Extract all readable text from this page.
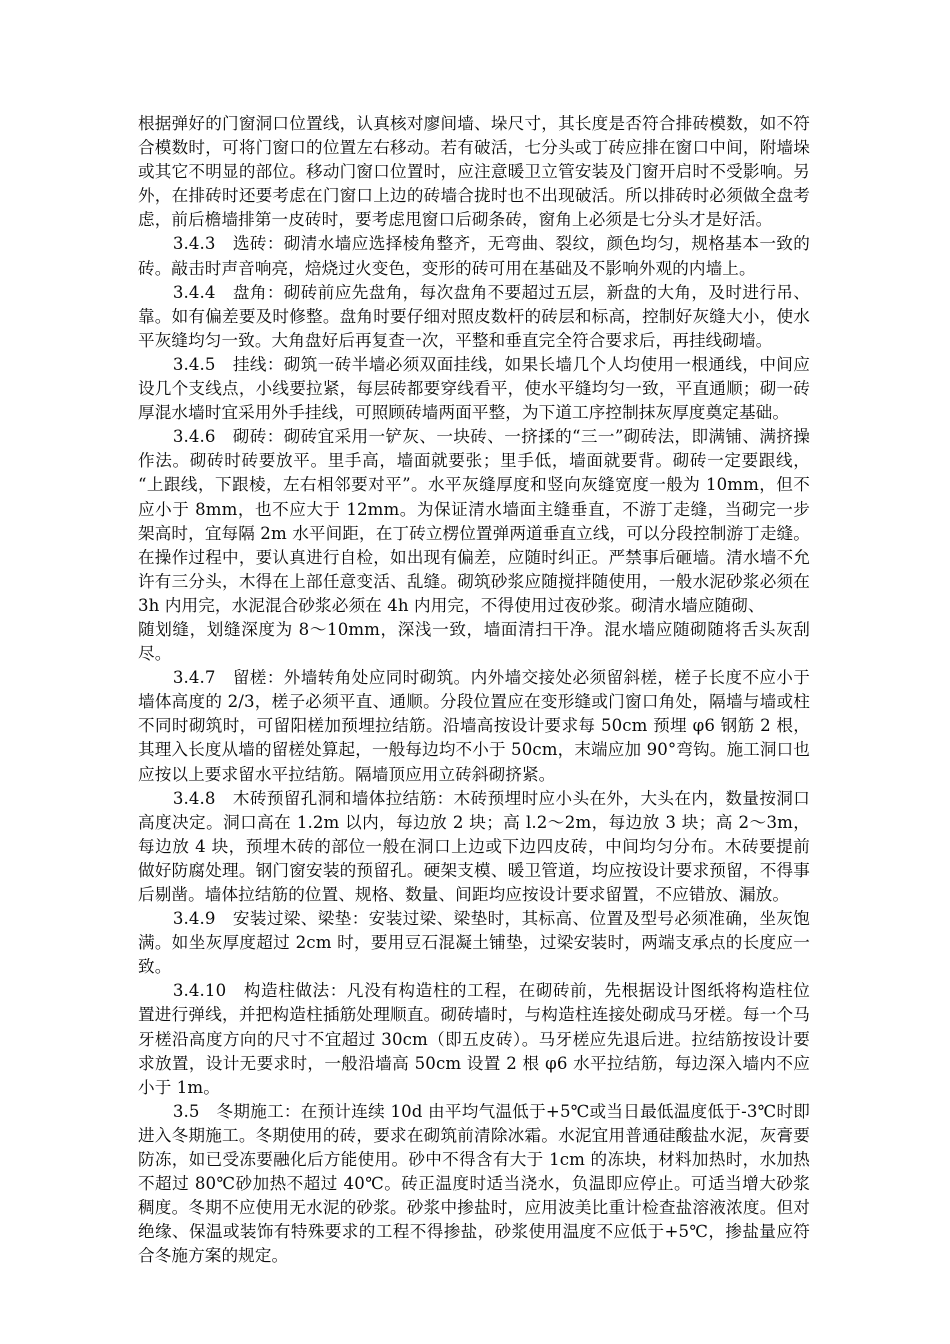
根据弹好的门窗洞口位置线，认真核对廖间墙、垛尺寸，其长度是否符合排砖模数，如不符合模数时，可将门窗口的位置左右移动。若有破活，七分头或丁砖应排在窗口中间，附墙垛或其它不明显的部位。移动门窗口位置时，应注意暖卫立管安装及门窗开启时不受影响。另外，在排砖时还要考虑在门窗口上边的砖墙合拢时也不出现破活。所以排砖时必须做全盘考虑，前后檐墙排第一皮砖时，要考虑甩窗口后砌条砖，窗角上必须是七分头才是好活。

3.4.3　选砖：砌清水墙应选择棱角整齐，无弯曲、裂纹，颜色均匀，规格基本一致的砖。敲击时声音响亮，焙烧过火变色，变形的砖可用在基础及不影响外观的内墙上。

3.4.4　盘角：砌砖前应先盘角，每次盘角不要超过五层，新盘的大角，及时进行吊、靠。如有偏差要及时修整。盘角时要仔细对照皮数杆的砖层和标高，控制好灰缝大小，使水平灰缝均匀一致。大角盘好后再复查一次，平整和垂直完全符合要求后，再挂线砌墙。

3.4.5　挂线：砌筑一砖半墙必须双面挂线，如果长墙几个人均使用一根通线，中间应设几个支线点，小线要拉紧，每层砖都要穿线看平，使水平缝均匀一致，平直通顺；砌一砖厚混水墙时宜采用外手挂线，可照顾砖墙两面平整，为下道工序控制抹灰厚度奠定基础。

3.4.6　砌砖：砌砖宜采用一铲灰、一块砖、一挤揉的“三一”砌砖法，即满铺、满挤操作法。砌砖时砖要放平。里手高，墙面就要张；里手低，墙面就要背。砌砖一定要跟线，“上跟线，下跟棱，左右相邻要对平”。水平灰缝厚度和竖向灰缝宽度一般为 10mm，但不应小于 8mm，也不应大于 12mm。为保证清水墙面主缝垂直，不游丁走缝，当砌完一步架高时，宜每隔 2m 水平间距，在丁砖立楞位置弹两道垂直立线，可以分段控制游丁走缝。在操作过程中，要认真进行自检，如出现有偏差，应随时纠正。严禁事后砸墙。清水墙不允许有三分头，木得在上部任意变活、乱缝。砌筑砂浆应随搅拌随使用，一般水泥砂浆必须在 3h 内用完，水泥混合砂浆必须在 4h 内用完，不得使用过夜砂浆。砌清水墙应随砌、

随划缝，划缝深度为 8～10mm，深浅一致，墙面清扫干净。混水墙应随砌随将舌头灰刮尽。

3.4.7　留槎：外墙转角处应同时砌筑。内外墙交接处必须留斜槎，槎子长度不应小于墙体高度的 2/3，槎子必须平直、通顺。分段位置应在变形缝或门窗口角处，隔墙与墙或柱不同时砌筑时，可留阳槎加预埋拉结筋。沿墙高按设计要求每 50cm 预埋 φ6 钢筋 2 根，其理入长度从墙的留槎处算起，一般每边均不小于 50cm，末端应加 90°弯钩。施工洞口也应按以上要求留水平拉结筋。隔墙顶应用立砖斜砌挤紧。

3.4.8　木砖预留孔洞和墙体拉结筋：木砖预埋时应小头在外，大头在内，数量按洞口高度决定。洞口高在 1.2m 以内，每边放 2 块；高 l.2～2m，每边放 3 块；高 2～3m，每边放 4 块，预埋木砖的部位一般在洞口上边或下边四皮砖，中间均匀分布。木砖要提前做好防腐处理。钢门窗安装的预留孔。硬架支模、暖卫管道，均应按设计要求预留，不得事后剔凿。墙体拉结筋的位置、规格、数量、间距均应按设计要求留置，不应错放、漏放。

3.4.9　安装过梁、梁垫：安装过梁、梁垫时，其标高、位置及型号必须准确，坐灰饱满。如坐灰厚度超过 2cm 时，要用豆石混凝土铺垫，过梁安装时，两端支承点的长度应一致。

3.4.10　构造柱做法：凡没有构造柱的工程，在砌砖前，先根据设计图纸将构造柱位置进行弹线，并把构造柱插筋处理顺直。砌砖墙时，与构造柱连接处砌成马牙槎。每一个马牙槎沿高度方向的尺寸不宜超过 30cm（即五皮砖）。马牙槎应先退后进。拉结筋按设计要求放置，设计无要求时，一般沿墙高 50cm 设置 2 根 φ6 水平拉结筋，每边深入墙内不应小于 1m。

3.5　冬期施工：在预计连续 10d 由平均气温低于+5℃或当日最低温度低于-3℃时即进入冬期施工。冬期使用的砖，要求在砌筑前清除冰霜。水泥宜用普通硅酸盐水泥，灰膏要防冻，如已受冻要融化后方能使用。砂中不得含有大于 1cm 的冻块，材料加热时，水加热不超过 80℃砂加热不超过 40℃。砖正温度时适当浇水，负温即应停止。可适当增大砂浆稠度。冬期不应使用无水泥的砂浆。砂浆中掺盐时，应用波美比重计检查盐溶液浓度。但对绝缘、保温或装饰有特殊要求的工程不得掺盐，砂浆使用温度不应低于+5℃，掺盐量应符合冬施方案的规定。
